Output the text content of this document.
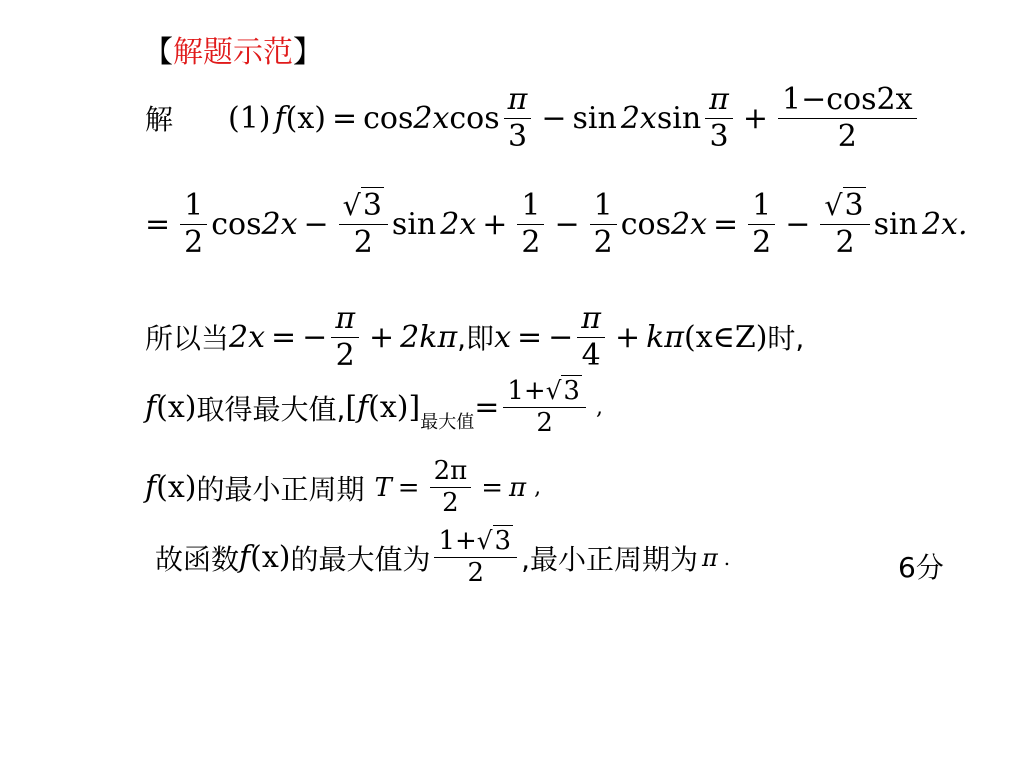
【解题示范】
解 (1) f (x) = cos 2x $\cos \frac{\pi}{3} - \sin 2x$ $\sin \frac{\pi}{3} + \frac{1-\cos 2x}{2}$
= $\frac{1}{2}$ $\cos 2x - \frac{√3}{2}$ $\sin 2x + \frac{1}{2} - \frac{1}{2}$ $\cos 2x = \frac{1}{2} - \frac{√3}{2}$ sin 2x.
所以当 2x = − $\frac{\pi}{2} + 2k\pi$ ,即 x = − $\frac{\pi}{4} + k\pi$ (x∈Z) 时,
f (x) 取得最大值, [ f (x) ] 最大值 = $\frac{1+√3}{2}$ ,
f (x) 的最小正周期 $T = \frac{2\pi}{2} = \pi$ ,
故函数 f (x) 的最大值为 $\frac{1+√3}{2}$ ,最小正周期为 π .	6分
